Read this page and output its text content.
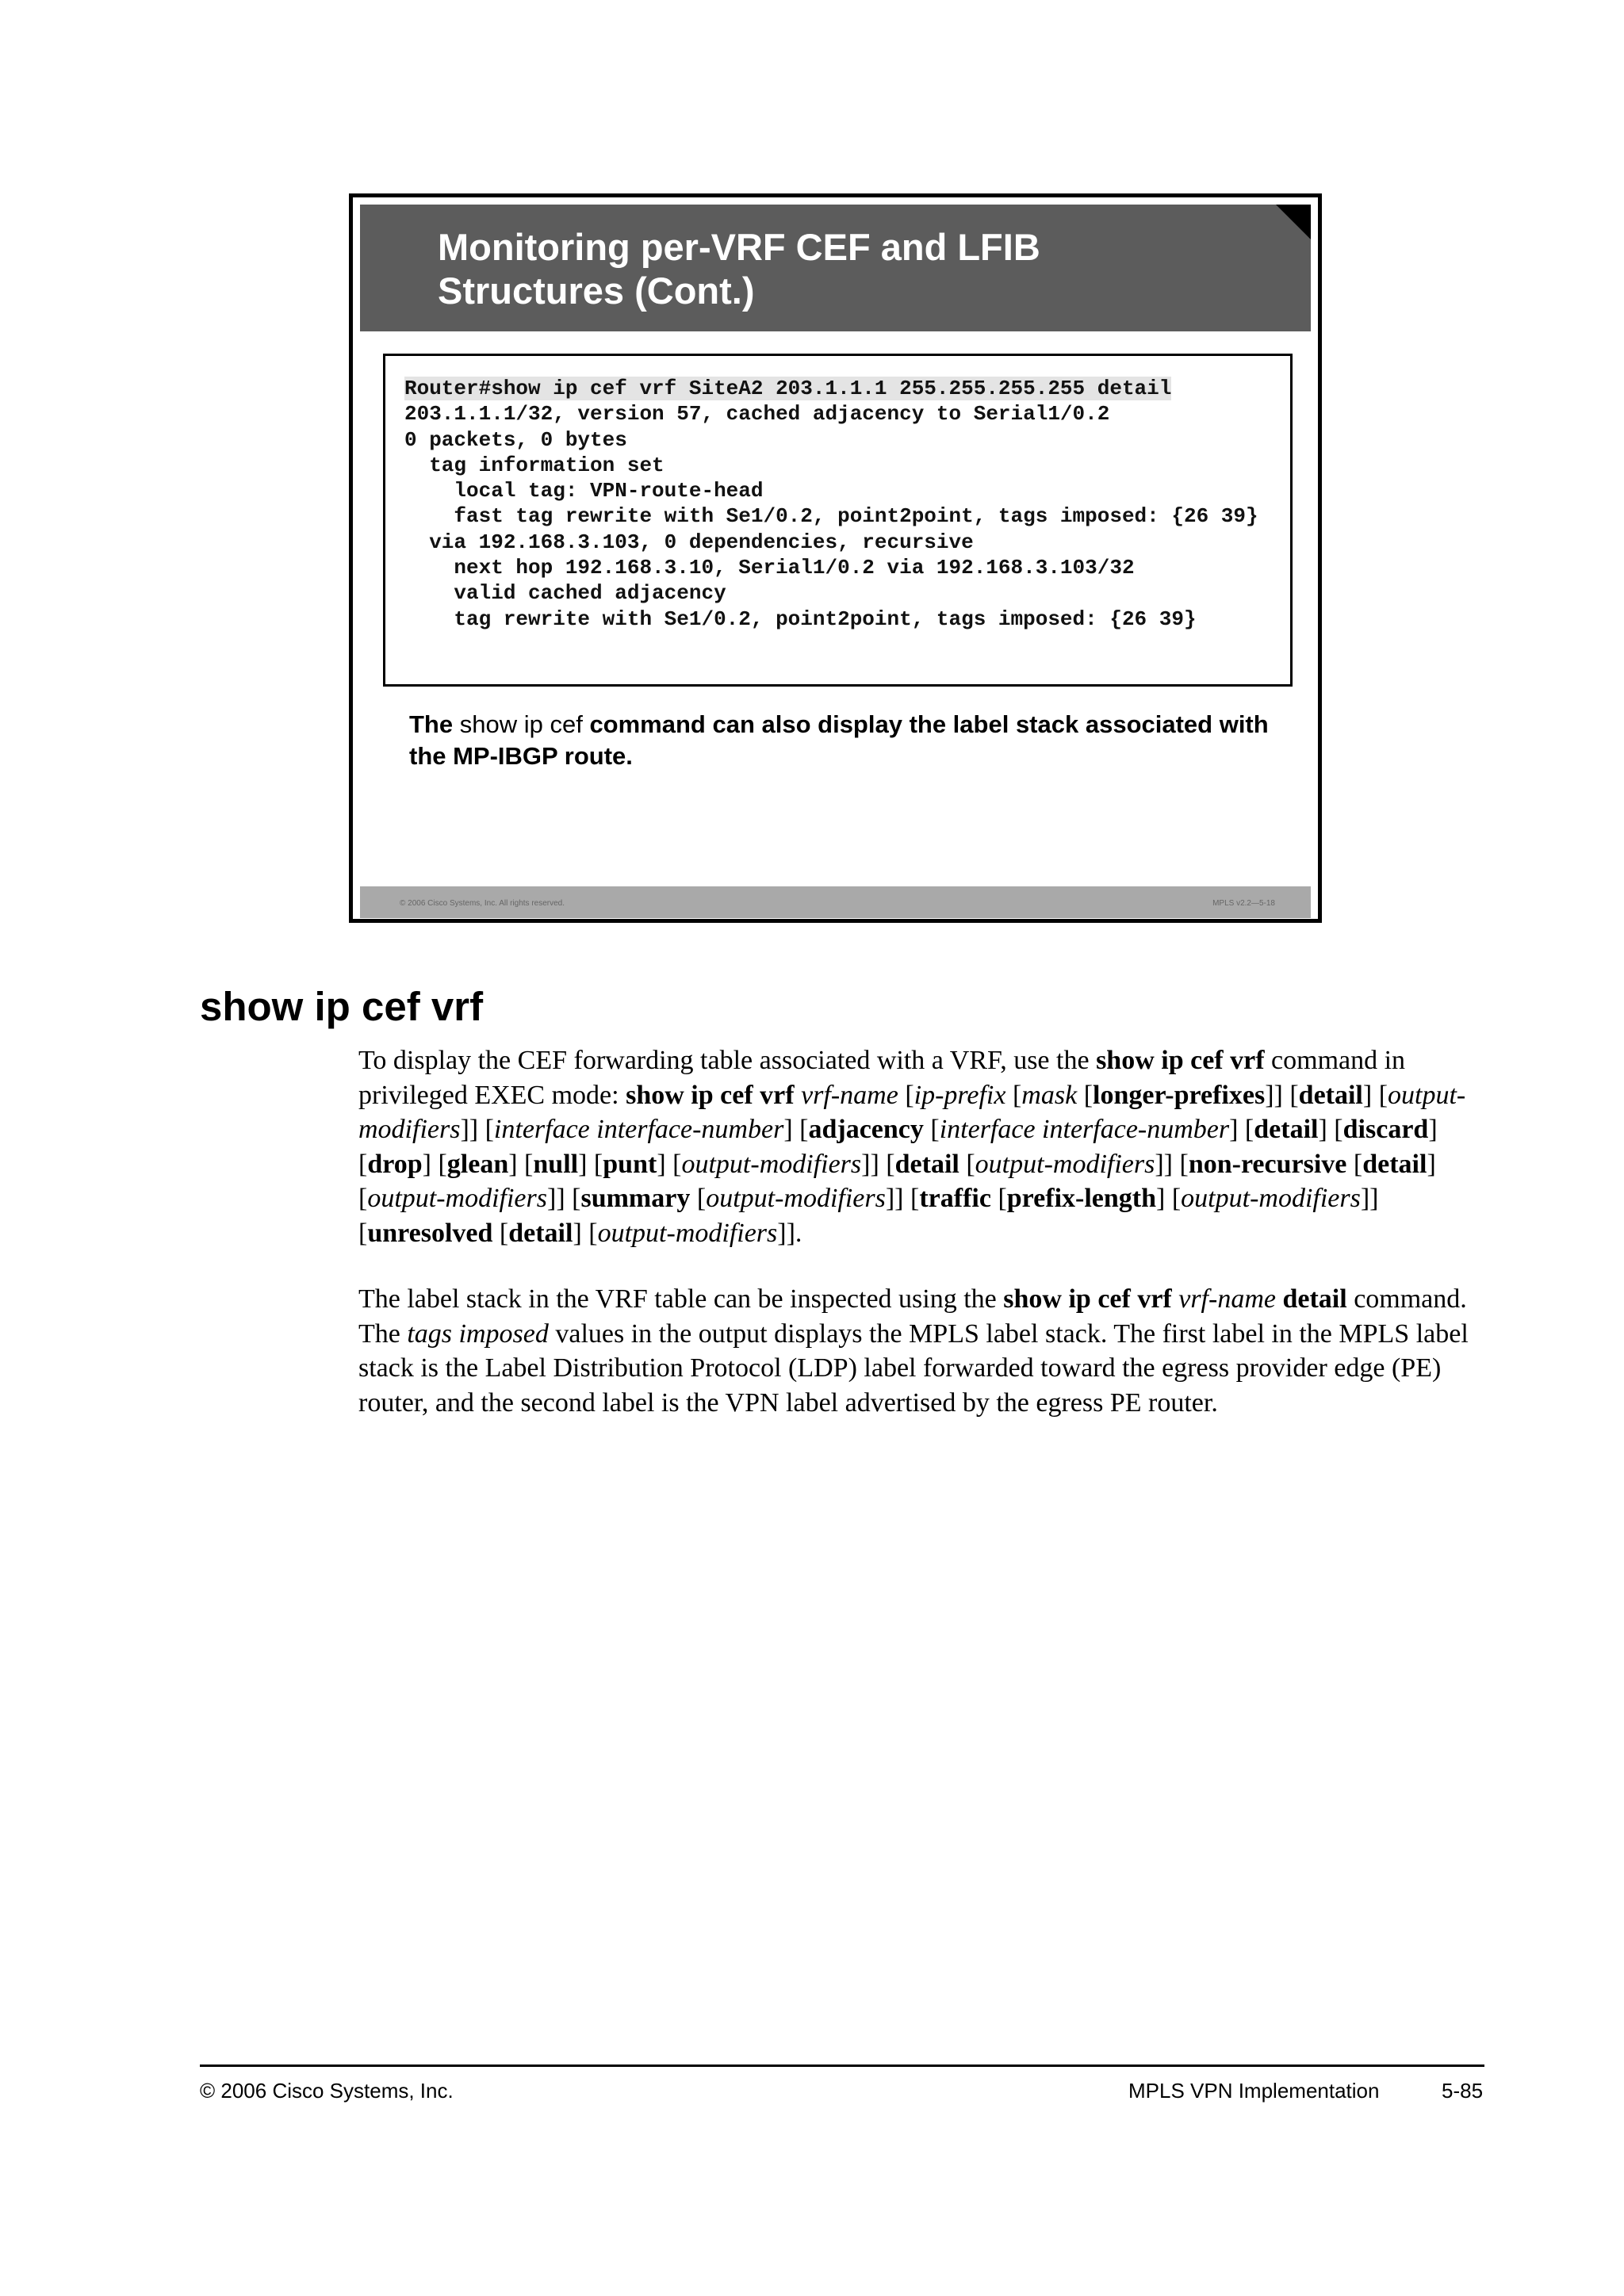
Monitoring per-VRF CEF and LFIB
Structures (Cont.)
Router#show ip cef vrf SiteA2 203.1.1.1 255.255.255.255 detail
203.1.1.1/32, version 57, cached adjacency to Serial1/0.2
0 packets, 0 bytes
tag information set
local tag: VPN-route-head
fast tag rewrite with Se1/0.2, point2point, tags imposed: {26 39}
via 192.168.3.103, 0 dependencies, recursive
next hop 192.168.3.10, Serial1/0.2 via 192.168.3.103/32
valid cached adjacency
tag rewrite with Se1/0.2, point2point, tags imposed: {26 39}
The show ip cef command can also display the label stack associated with the MP-IBGP route.
© 2006 Cisco Systems, Inc. All rights reserved.	MPLS v2.2—5-18
show ip cef vrf
To display the CEF forwarding table associated with a VRF, use the show ip cef vrf command in privileged EXEC mode: show ip cef vrf vrf-name [ip-prefix [mask [longer-prefixes]] [detail] [output-modifiers]] [interface interface-number] [adjacency [interface interface-number] [detail] [discard] [drop] [glean] [null] [punt] [output-modifiers]] [detail [output-modifiers]] [non-recursive [detail] [output-modifiers]] [summary [output-modifiers]] [traffic [prefix-length] [output-modifiers]] [unresolved [detail] [output-modifiers]].
The label stack in the VRF table can be inspected using the show ip cef vrf vrf-name detail command. The tags imposed values in the output displays the MPLS label stack. The first label in the MPLS label stack is the Label Distribution Protocol (LDP) label forwarded toward the egress provider edge (PE) router, and the second label is the VPN label advertised by the egress PE router.
© 2006 Cisco Systems, Inc.	MPLS VPN Implementation	5-85
